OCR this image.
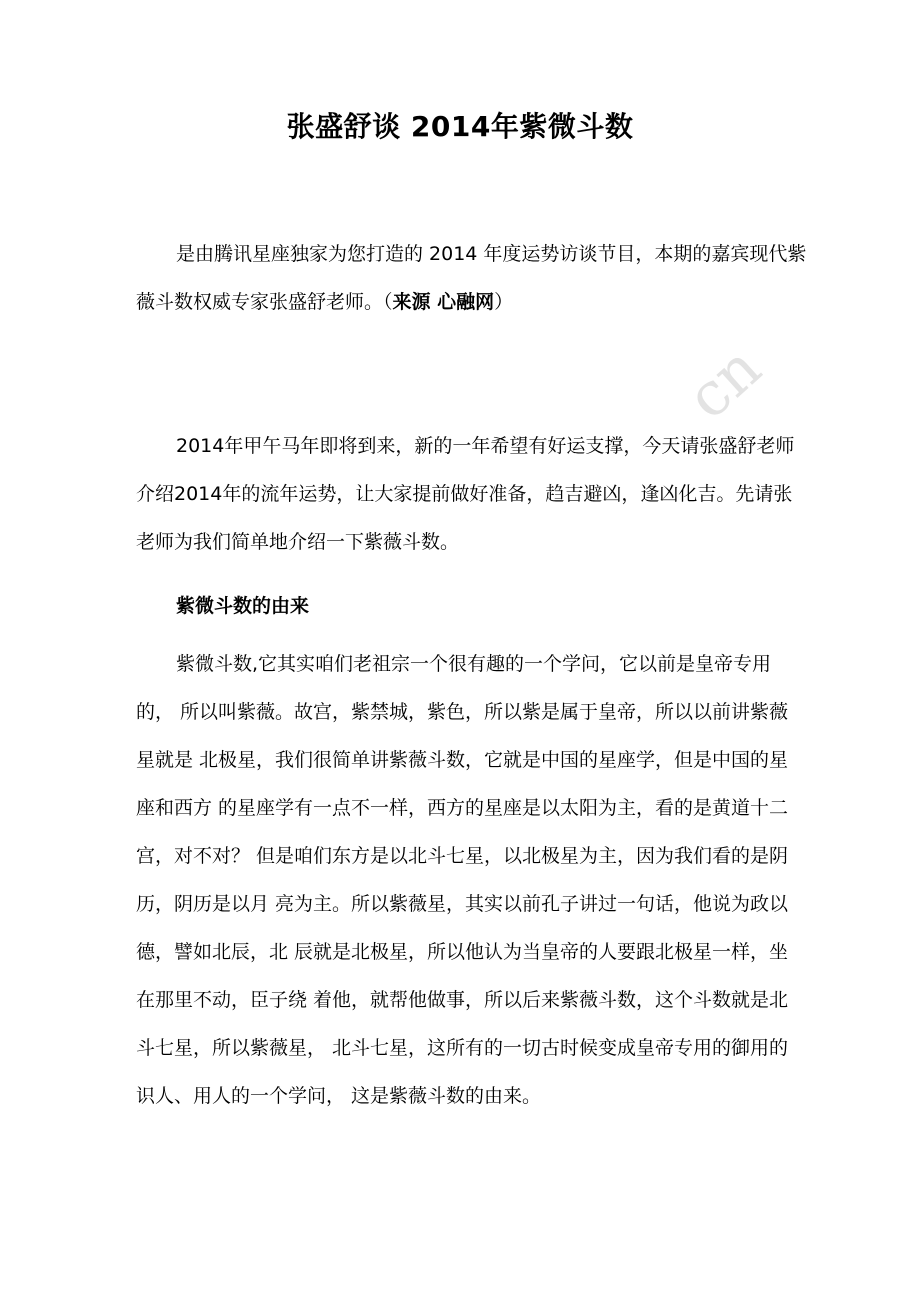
张盛舒谈 2014年紫微斗数
是由腾讯星座独家为您打造的 2014 年度运势访谈节目，本期的嘉宾现代紫
薇斗数权威专家张盛舒老师。（来源 心融网）
cn
2014年甲午马年即将到来，新的一年希望有好运支撑，今天请张盛舒老师
介绍2014年的流年运势，让大家提前做好准备，趋吉避凶，逢凶化吉。先请张
老师为我们简单地介绍一下紫薇斗数。
紫微斗数的由来
紫微斗数,它其实咱们老祖宗一个很有趣的一个学问，它以前是皇帝专用
的， 所以叫紫薇。故宫，紫禁城，紫色，所以紫是属于皇帝，所以以前讲紫薇
星就是 北极星，我们很简单讲紫薇斗数，它就是中国的星座学，但是中国的星
座和西方 的星座学有一点不一样，西方的星座是以太阳为主，看的是黄道十二
宫，对不对？ 但是咱们东方是以北斗七星，以北极星为主，因为我们看的是阴
历，阴历是以月 亮为主。所以紫薇星，其实以前孔子讲过一句话，他说为政以
德，譬如北辰，北 辰就是北极星，所以他认为当皇帝的人要跟北极星一样，坐
在那里不动，臣子绕 着他，就帮他做事，所以后来紫薇斗数，这个斗数就是北
斗七星，所以紫薇星， 北斗七星，这所有的一切古时候变成皇帝专用的御用的
识人、用人的一个学问， 这是紫薇斗数的由来。
